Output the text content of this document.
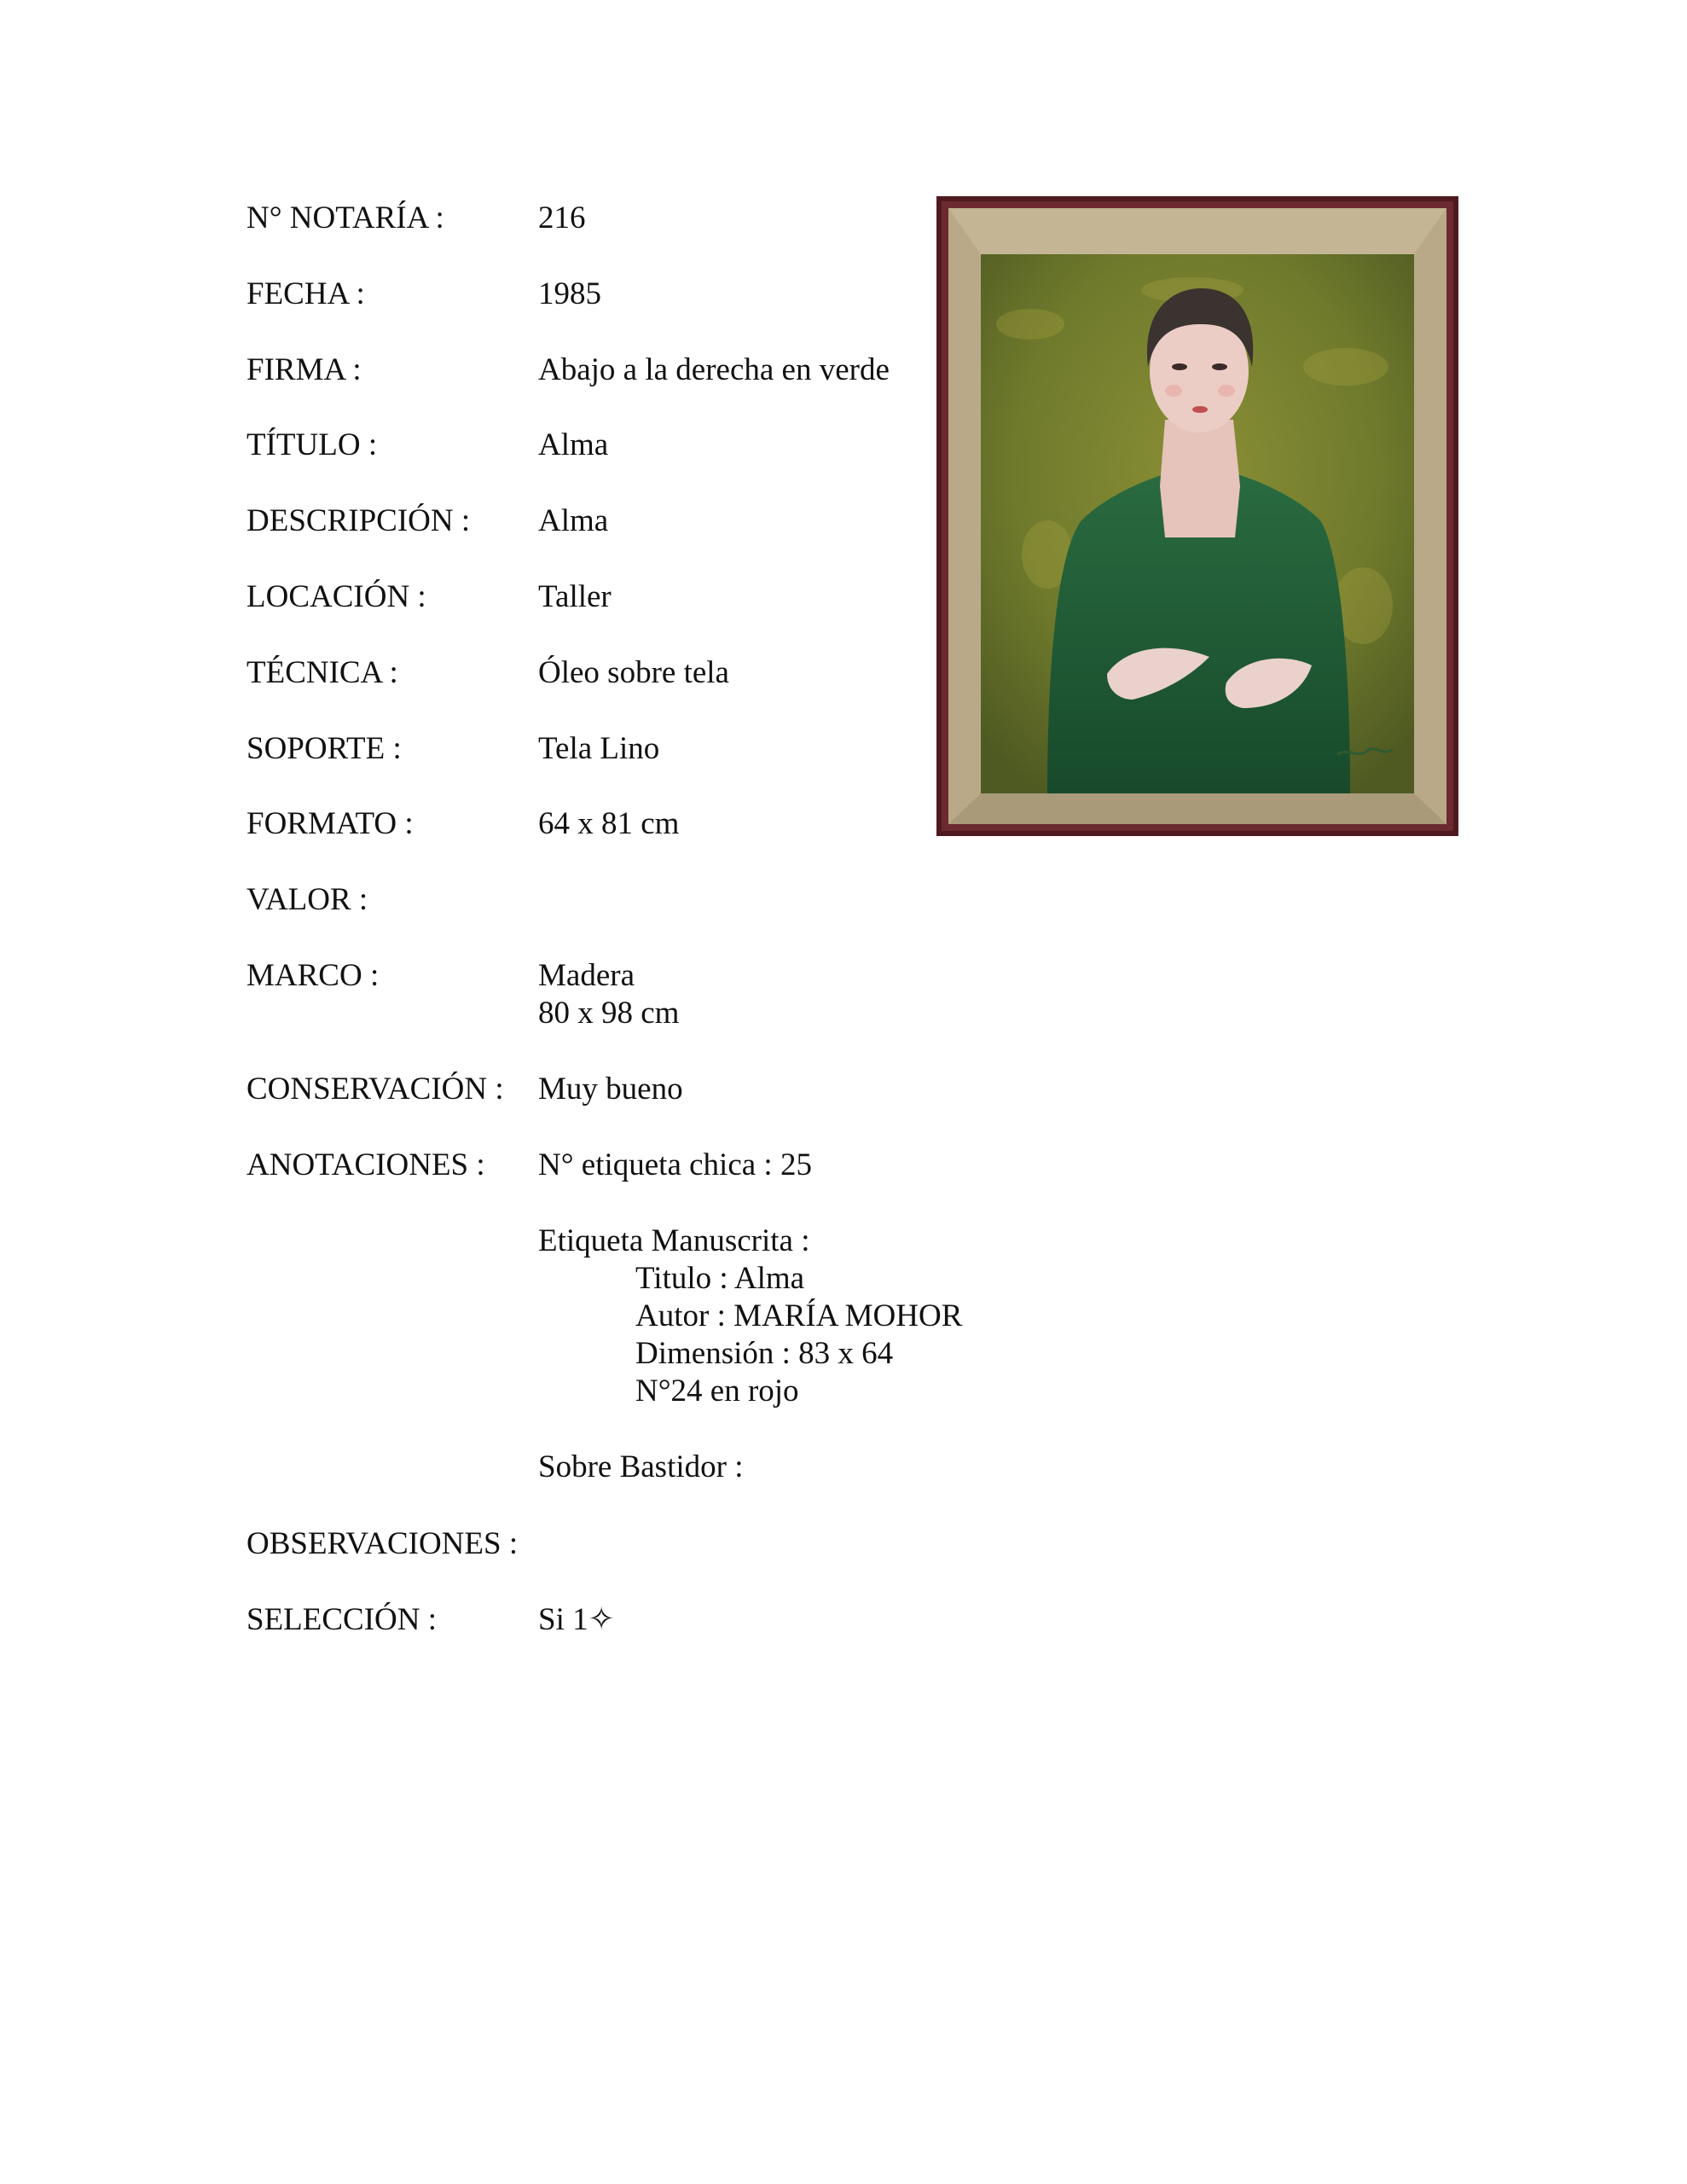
N° NOTARÍA :	216
FECHA :	1985
FIRMA :	Abajo a la derecha en verde
TÍTULO :	Alma
DESCRIPCIÓN : Alma
LOCACIÓN :	Taller
TÉCNICA :	Óleo sobre tela
SOPORTE :	Tela Lino
FORMATO :	64 x 81 cm
VALOR :
MARCO :	Madera
80 x 98 cm
CONSERVACIÓN : Muy bueno
ANOTACIONES : N° etiqueta chica : 25
Etiqueta Manuscrita :
Titulo : Alma
Autor : MARÍA MOHOR
Dimensión : 83 x 64
N°24 en rojo
Sobre Bastidor :
OBSERVACIONES :
SELECCIÓN :	Si 1✧
